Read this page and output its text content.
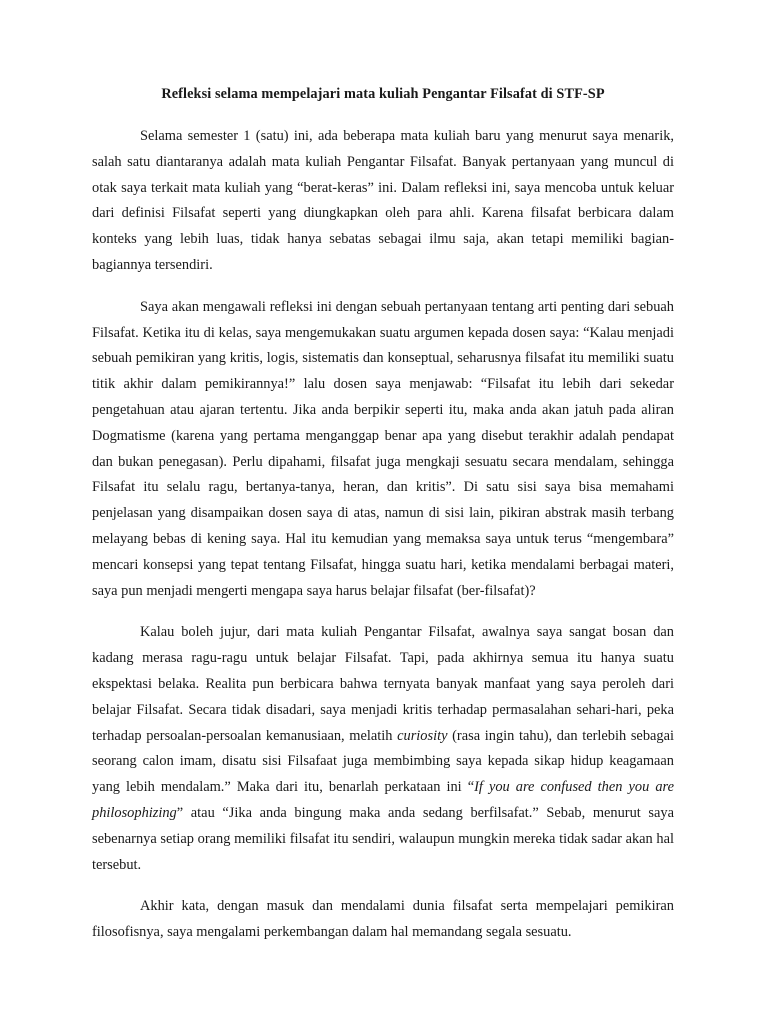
Refleksi selama mempelajari mata kuliah Pengantar Filsafat di STF-SP

Selama semester 1 (satu) ini, ada beberapa mata kuliah baru yang menurut saya menarik, salah satu diantaranya adalah mata kuliah Pengantar Filsafat. Banyak pertanyaan yang muncul di otak saya terkait mata kuliah yang “berat-keras” ini. Dalam refleksi ini, saya mencoba untuk keluar dari definisi Filsafat seperti yang diungkapkan oleh para ahli. Karena filsafat berbicara dalam konteks yang lebih luas, tidak hanya sebatas sebagai ilmu saja, akan tetapi memiliki bagian-bagiannya tersendiri.

Saya akan mengawali refleksi ini dengan sebuah pertanyaan tentang arti penting dari sebuah Filsafat. Ketika itu di kelas, saya mengemukakan suatu argumen kepada dosen saya: “Kalau menjadi sebuah pemikiran yang kritis, logis, sistematis dan konseptual, seharusnya filsafat itu memiliki suatu titik akhir dalam pemikirannya!” lalu dosen saya menjawab: “Filsafat itu lebih dari sekedar pengetahuan atau ajaran tertentu. Jika anda berpikir seperti itu, maka anda akan jatuh pada aliran Dogmatisme (karena yang pertama menganggap benar apa yang disebut terakhir adalah pendapat dan bukan penegasan). Perlu dipahami, filsafat juga mengkaji sesuatu secara mendalam, sehingga Filsafat itu selalu ragu, bertanya-tanya, heran, dan kritis”. Di satu sisi saya bisa memahami penjelasan yang disampaikan dosen saya di atas, namun di sisi lain, pikiran abstrak masih terbang melayang bebas di kening saya. Hal itu kemudian yang memaksa saya untuk terus “mengembara” mencari konsepsi yang tepat tentang Filsafat, hingga suatu hari, ketika mendalami berbagai materi, saya pun menjadi mengerti mengapa saya harus belajar filsafat (ber-filsafat)?

Kalau boleh jujur, dari mata kuliah Pengantar Filsafat, awalnya saya sangat bosan dan kadang merasa ragu-ragu untuk belajar Filsafat. Tapi, pada akhirnya semua itu hanya suatu ekspektasi belaka. Realita pun berbicara bahwa ternyata banyak manfaat yang saya peroleh dari belajar Filsafat. Secara tidak disadari, saya menjadi kritis terhadap permasalahan sehari-hari, peka terhadap persoalan-persoalan kemanusiaan, melatih curiosity (rasa ingin tahu), dan terlebih sebagai seorang calon imam, disatu sisi Filsafaat juga membimbing saya kepada sikap hidup keagamaan yang lebih mendalam.” Maka dari itu, benarlah perkataan ini “If you are confused then you are philosophizing” atau “Jika anda bingung maka anda sedang berfilsafat.” Sebab, menurut saya sebenarnya setiap orang memiliki filsafat itu sendiri, walaupun mungkin mereka tidak sadar akan hal tersebut.

Akhir kata, dengan masuk dan mendalami dunia filsafat serta mempelajari pemikiran filosofisnya, saya mengalami perkembangan dalam hal memandang segala sesuatu.
